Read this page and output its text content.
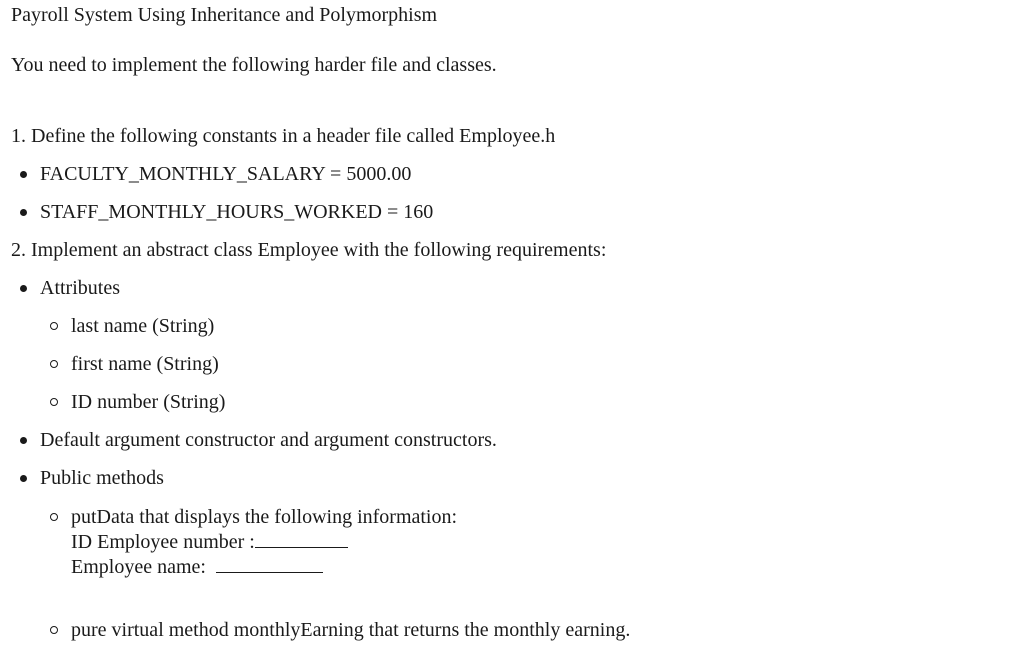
Payroll System Using Inheritance and Polymorphism
You need to implement the following harder file and classes.
1. Define the following constants in a header file called Employee.h
FACULTY_MONTHLY_SALARY = 5000.00
STAFF_MONTHLY_HOURS_WORKED = 160
2. Implement an abstract class Employee with the following requirements:
Attributes
last name (String)
first name (String)
ID number (String)
Default argument constructor and argument constructors.
Public methods
putData that displays the following information:
ID Employee number :
Employee name:
pure virtual method monthlyEarning that returns the monthly earning.
